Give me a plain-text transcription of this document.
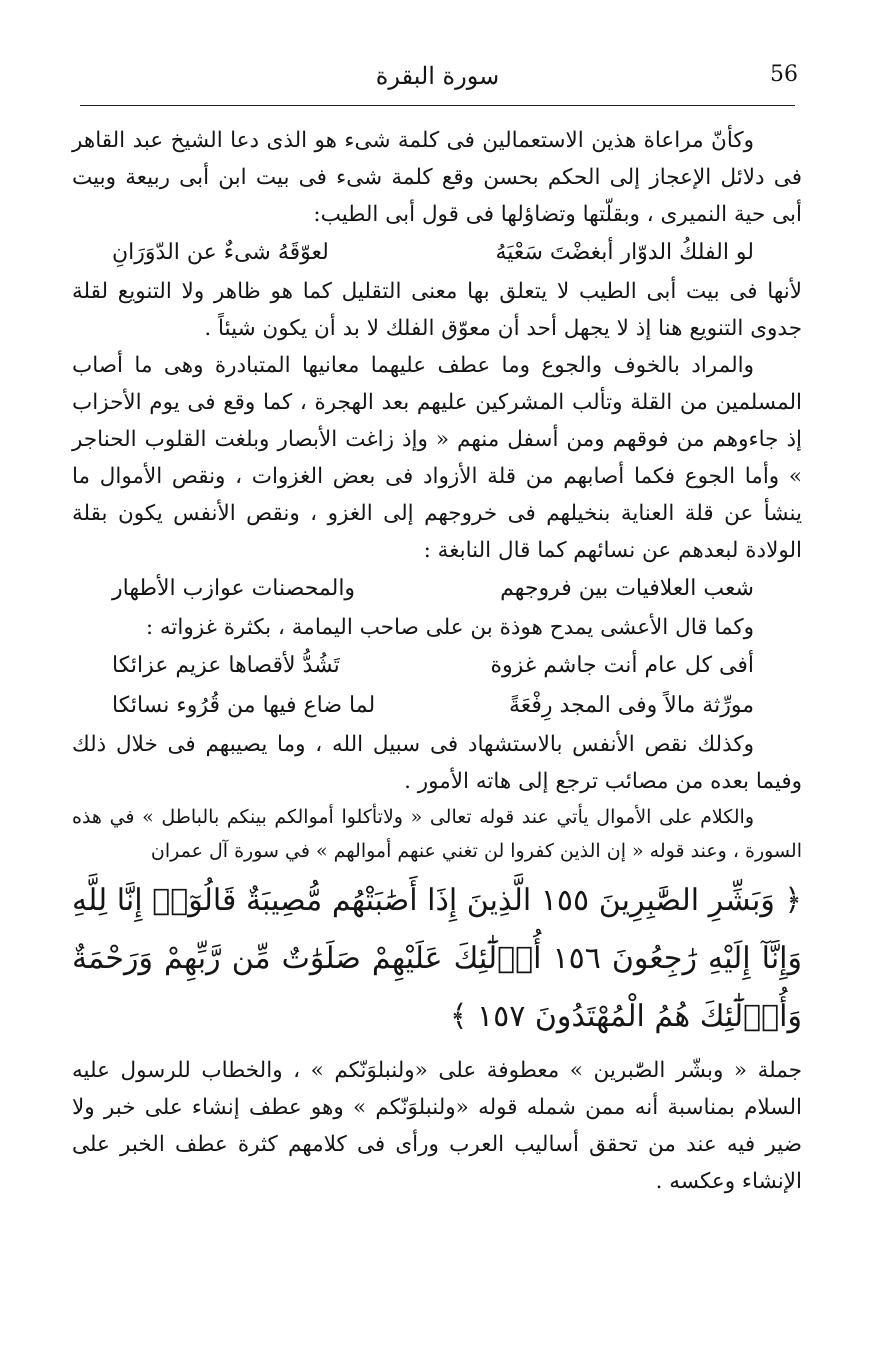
سورة البقرة	56

وكأنّ مراعاة هذين الاستعمالين فى كلمة شىء هو الذى دعا الشيخ عبد القاهر فى دلائل الإعجاز إلى الحكم بحسن وقع كلمة شىء فى بيت ابن أبى ربيعة وبيت أبى حية النميرى ، وبقلّتها وتضاؤلها فى قول أبى الطيب:

لو الفلكُ الدوّار أبغضْتَ سَعْيَهُ
لعوّقَهُ شىءٌ عن الدّوَرَانِ

لأنها فى بيت أبى الطيب لا يتعلق بها معنى التقليل كما هو ظاهر ولا التنويع لقلة جدوى التنويع هنا إذ لا يجهل أحد أن معوّق الفلك لا بد أن يكون شيئاً .

والمراد بالخوف والجوع وما عطف عليهما معانيها المتبادرة وهى ما أصاب المسلمين من القلة وتألب المشركين عليهم بعد الهجرة ، كما وقع فى يوم الأحزاب إذ جاءوهم من فوقهم ومن أسفل منهم « وإذ زاغت الأبصار وبلغت القلوب الحناجر » وأما الجوع فكما أصابهم من قلة الأزواد فى بعض الغزوات ، ونقص الأموال ما ينشأ عن قلة العناية بنخيلهم فى خروجهم إلى الغزو ، ونقص الأنفس يكون بقلة الولادة لبعدهم عن نسائهم كما قال النابغة :

شعب العلافيات بين فروجهم
والمحصنات عوازب الأطهار

وكما قال الأعشى يمدح هوذة بن على صاحب اليمامة ، بكثرة غزواته :

أفى كل عام أنت جاشم غزوة
تَشُدُّ لأقصاها عزيم عزائكا
مورِّثة مالاً وفى المجد رِفْعَةً
لما ضاع فيها من قُرُوء نسائكا

وكذلك نقص الأنفس بالاستشهاد فى سبيل الله ، وما يصيبهم فى خلال ذلك وفيما بعده من مصائب ترجع إلى هاته الأمور .

والكلام على الأموال يأتي عند قوله تعالى « ولاتأكلوا أموالكم بينكم بالباطل » في هذه السورة ، وعند قوله « إن الذين كفروا لن تغني عنهم أموالهم » في سورة آل عمران

﴿ وَبَشِّرِ الصَّٰبِرِينَ ١٥٥ الَّذِينَ إِذَا أَصَٰبَتْهُم مُّصِيبَةٌ قَالُوٓا۟ إِنَّا لِلَّهِ وَإِنَّآ إِلَيْهِ رَٰجِعُونَ ١٥٦ أُو۟لَٰٓئِكَ عَلَيْهِمْ صَلَوَٰتٌ مِّن رَّبِّهِمْ وَرَحْمَةٌ وَأُو۟لَٰٓئِكَ هُمُ الْمُهْتَدُونَ ١٥٧ ﴾

جملة « وبشّر الصّٰبرين » معطوفة على «ولنبلوَنّكم » ، والخطاب للرسول عليه السلام بمناسبة أنه ممن شمله قوله «ولنبلوَنّكم » وهو عطف إنشاء على خبر ولا ضير فيه عند من تحقق أساليب العرب ورأى فى كلامهم كثرة عطف الخبر على الإنشاء وعكسه .
